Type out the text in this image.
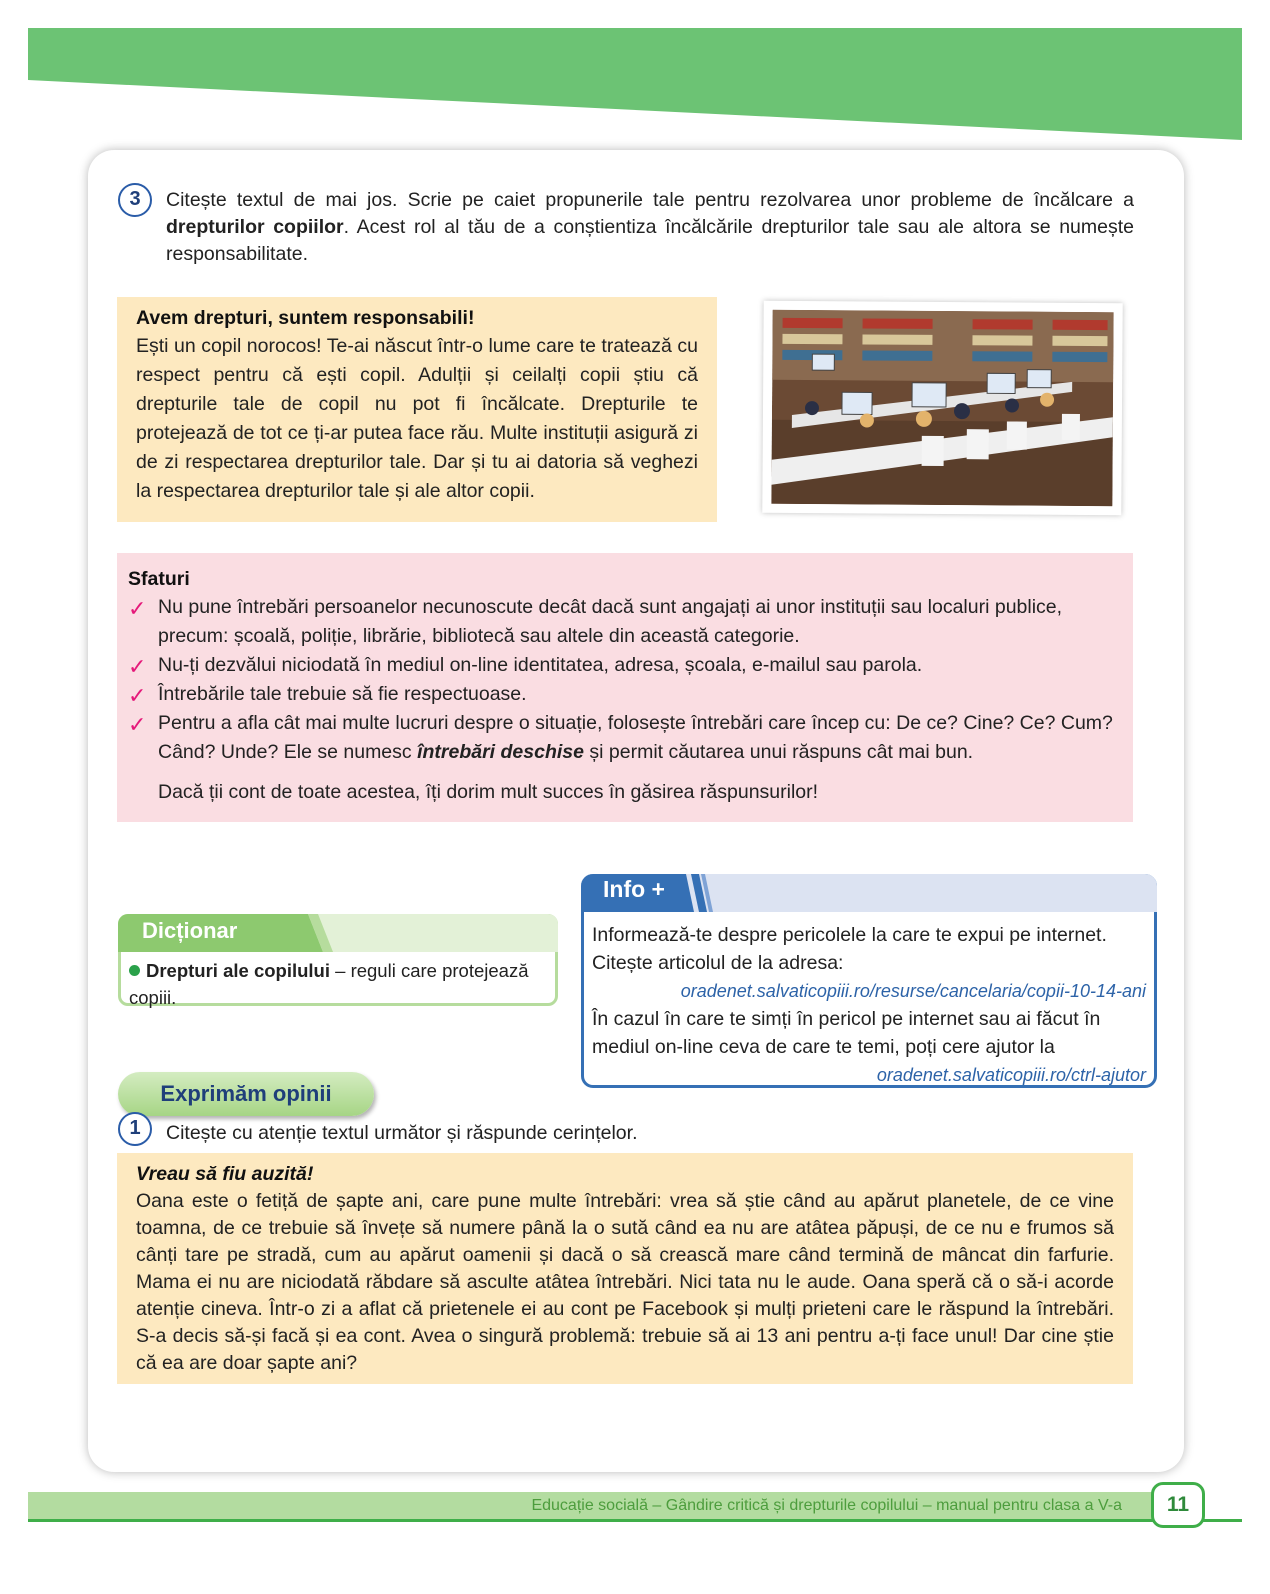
3	Citește textul de mai jos. Scrie pe caiet propunerile tale pentru rezolvarea unor probleme de încălcare a drepturilor copiilor. Acest rol al tău de a conștientiza încălcările drepturilor tale sau ale altora se numește responsabilitate.

Avem drepturi, suntem responsabili!
Ești un copil norocos! Te-ai născut într-o lume care te tratează cu respect pentru că ești copil. Adulții și ceilalți copii știu că drepturile tale de copil nu pot fi încălcate. Drepturile te protejează de tot ce ți-ar putea face rău. Multe instituții asigură zi de zi respectarea drepturilor tale. Dar și tu ai datoria să veghezi la respectarea drepturilor tale și ale altor copii.
Sfaturi
✓ Nu pune întrebări persoanelor necunoscute decât dacă sunt angajați ai unor instituții sau localuri publice, precum: școală, poliție, librărie, bibliotecă sau altele din această categorie.
✓ Nu-ți dezvălui niciodată în mediul on-line identitatea, adresa, școala, e-mailul sau parola.
✓ Întrebările tale trebuie să fie respectuoase.
✓ Pentru a afla cât mai multe lucruri despre o situație, folosește întrebări care încep cu: De ce? Cine? Ce? Cum? Când? Unde? Ele se numesc întrebări deschise și permit căutarea unui răspuns cât mai bun.
Dacă ții cont de toate acestea, îți dorim mult succes în găsirea răspunsurilor!
Dicționar
Drepturi ale copilului – reguli care protejează copiii.
Info +
Informează-te despre pericolele la care te expui pe internet. Citește articolul de la adresa:
oradenet.salvaticopiii.ro/resurse/cancelaria/copii-10-14-ani
În cazul în care te simți în pericol pe internet sau ai făcut în mediul on-line ceva de care te temi, poți cere ajutor la
oradenet.salvaticopiii.ro/ctrl-ajutor
Exprimăm opinii
1	Citește cu atenție textul următor și răspunde cerințelor.

Vreau să fiu auzită!
Oana este o fetiță de șapte ani, care pune multe întrebări: vrea să știe când au apărut planetele, de ce vine toamna, de ce trebuie să învețe să numere până la o sută când ea nu are atâtea păpuși, de ce nu e frumos să cânți tare pe stradă, cum au apărut oamenii și dacă o să crească mare când termină de mâncat din farfurie. Mama ei nu are niciodată răbdare să asculte atâtea întrebări. Nici tata nu le aude. Oana speră că o să-i acorde atenție cineva. Într-o zi a aflat că prietenele ei au cont pe Facebook și mulți prieteni care le răspund la întrebări. S-a decis să-și facă și ea cont. Avea o singură problemă: trebuie să ai 13 ani pentru a-ți face unul! Dar cine știe că ea are doar șapte ani?
Educație socială – Gândire critică și drepturile copilului – manual pentru clasa a V-a	11
